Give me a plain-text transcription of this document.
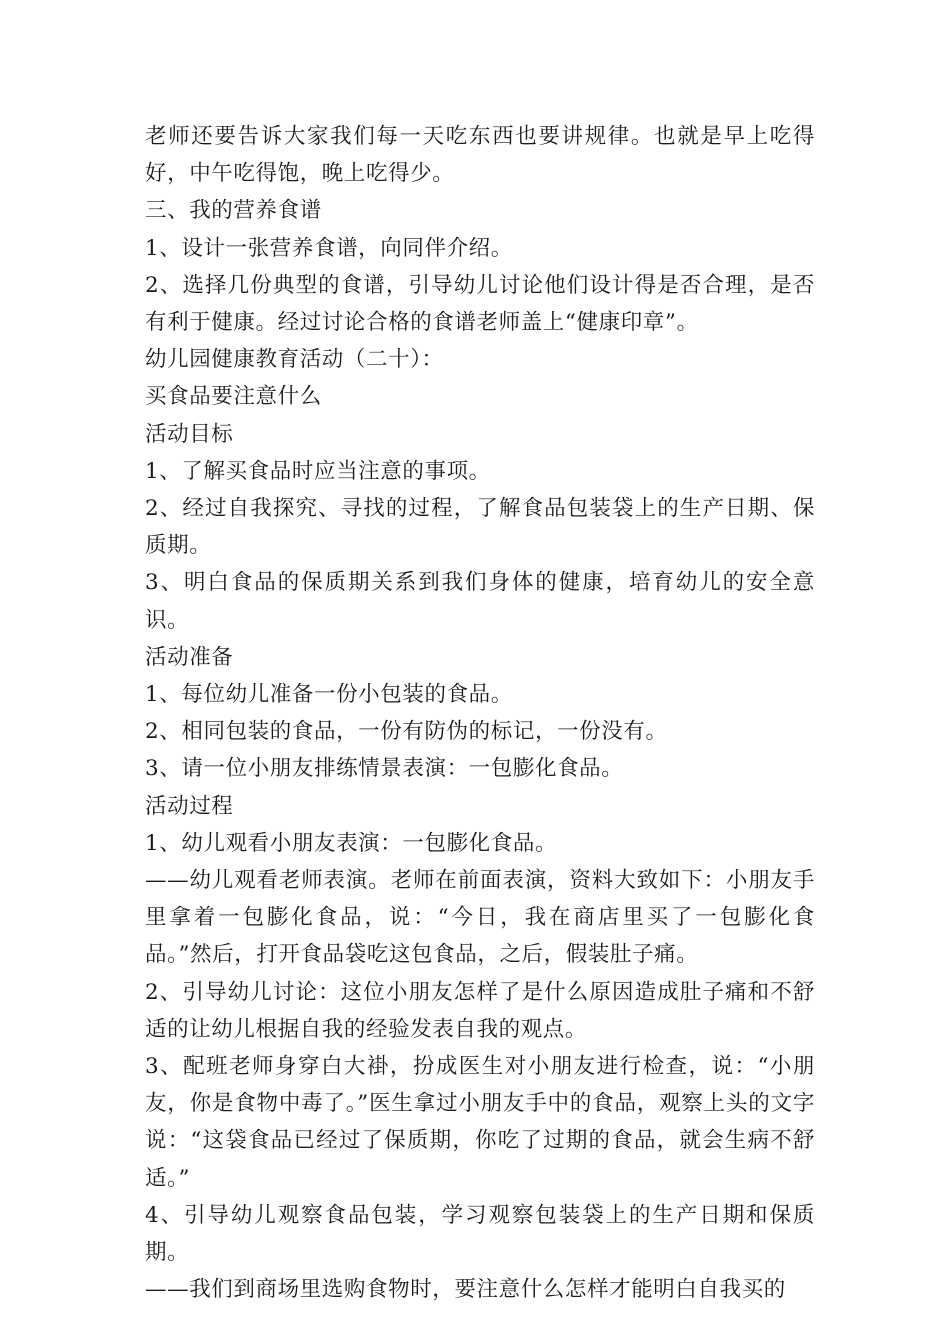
老师还要告诉大家我们每一天吃东西也要讲规律。也就是早上吃得好，中午吃得饱，晚上吃得少。

三、我的营养食谱

1、设计一张营养食谱，向同伴介绍。

2、选择几份典型的食谱，引导幼儿讨论他们设计得是否合理，是否有利于健康。经过讨论合格的食谱老师盖上“健康印章”。

幼儿园健康教育活动（二十）：

买食品要注意什么

活动目标

1、了解买食品时应当注意的事项。

2、经过自我探究、寻找的过程，了解食品包装袋上的生产日期、保质期。

3、明白食品的保质期关系到我们身体的健康，培育幼儿的安全意识。

活动准备

1、每位幼儿准备一份小包装的食品。

2、相同包装的食品，一份有防伪的标记，一份没有。

3、请一位小朋友排练情景表演：一包膨化食品。

活动过程

1、幼儿观看小朋友表演：一包膨化食品。

——幼儿观看老师表演。老师在前面表演，资料大致如下：小朋友手里拿着一包膨化食品，说：“今日，我在商店里买了一包膨化食品。”然后，打开食品袋吃这包食品，之后，假装肚子痛。

2、引导幼儿讨论：这位小朋友怎样了是什么原因造成肚子痛和不舒适的让幼儿根据自我的经验发表自我的观点。

3、配班老师身穿白大褂，扮成医生对小朋友进行检查，说：“小朋友，你是食物中毒了。”医生拿过小朋友手中的食品，观察上头的文字说：“这袋食品已经过了保质期，你吃了过期的食品，就会生病不舒适。”

4、引导幼儿观察食品包装，学习观察包装袋上的生产日期和保质期。

——我们到商场里选购食物时，要注意什么怎样才能明白自我买的
